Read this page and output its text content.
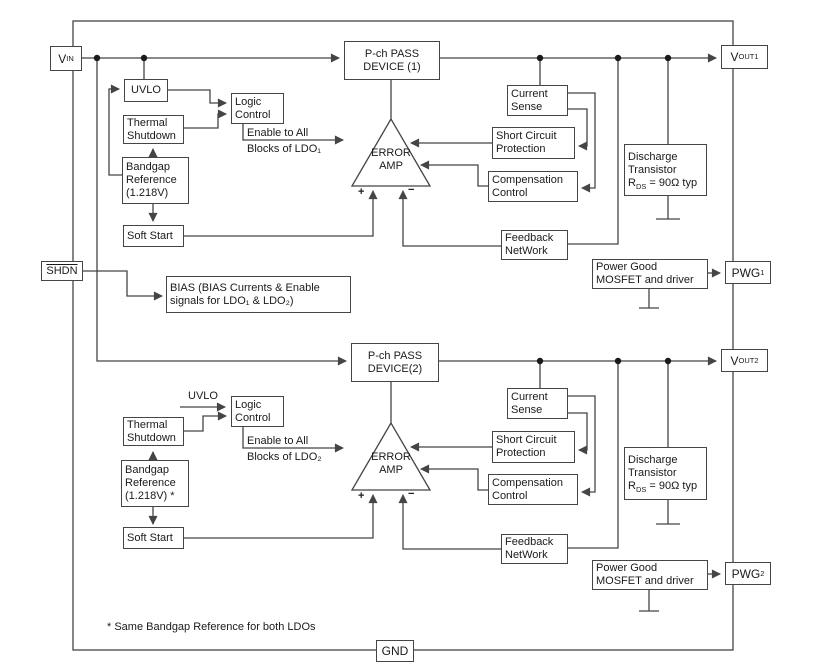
V IN
SHDN
V OUT1
PWG 1
V OUT2
PWG 2
GND
UVLO
Logic
Control
Thermal
Shutdown
Bandgap
Reference
(1.218V)
Soft Start
Enable to All
Blocks of LDO₁
P-ch PASS
DEVICE (1)
ERROR
AMP
+	−
Current
Sense
Short Circuit
Protection
Compensation
Control
Feedback
NetWork
Discharge
Transistor
$R_{DS} = 90\Omega$ typ
Power Good
MOSFET and driver
BIAS (BIAS Currents & Enable
signals for LDO₁ & LDO₂)
UVLO
Logic
Control
Thermal
Shutdown
Bandgap
Reference
(1.218V) *
Soft Start
Enable to All
Blocks of LDO₂
P-ch PASS
DEVICE(2)
ERROR
AMP
+	−
Current
Sense
Short Circuit
Protection
Compensation
Control
Feedback
NetWork
Discharge
Transistor
$R_{DS} = 90\Omega$ typ
Power Good
MOSFET and driver
* Same Bandgap Reference for both LDOs
